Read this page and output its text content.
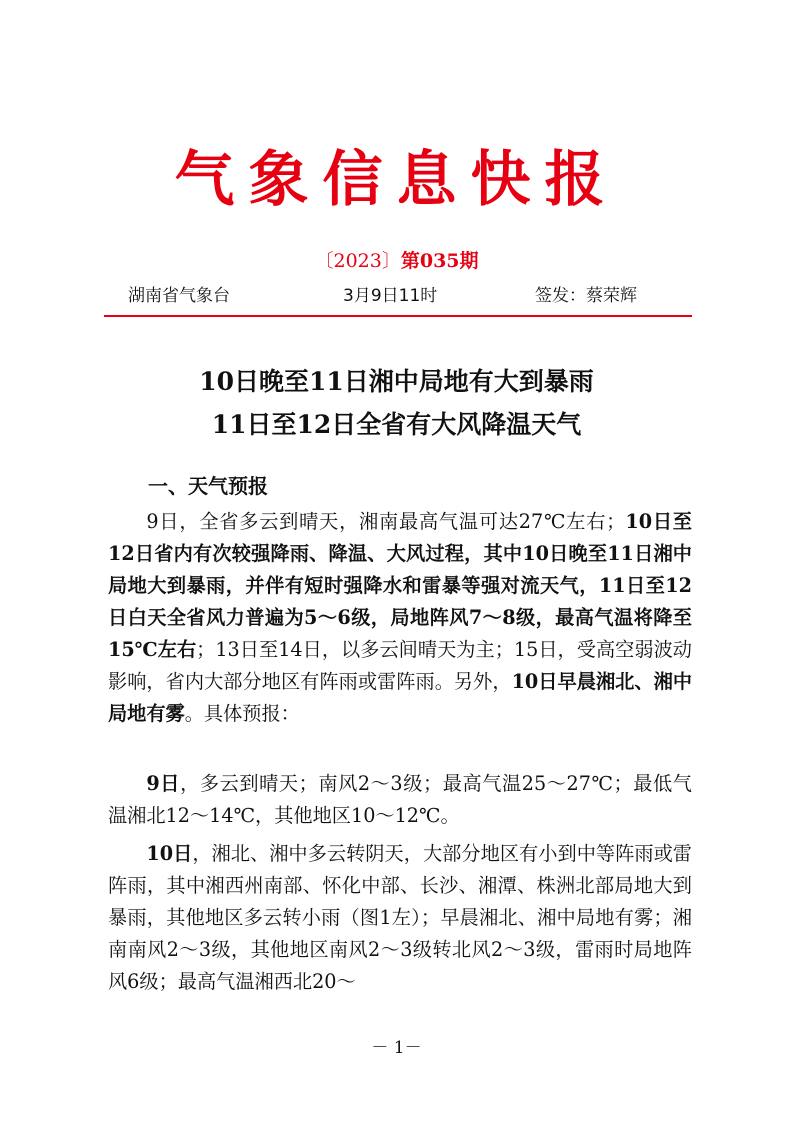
气象信息快报
〔2023〕第035期
湖南省气象台	3月9日11时	签发：蔡荣辉
10日晚至11日湘中局地有大到暴雨
11日至12日全省有大风降温天气
一、天气预报

9日，全省多云到晴天，湘南最高气温可达27℃左右；10日至12日省内有次较强降雨、降温、大风过程，其中10日晚至11日湘中局地大到暴雨，并伴有短时强降水和雷暴等强对流天气，11日至12日白天全省风力普遍为5～6级，局地阵风7～8级，最高气温将降至15℃左右；13日至14日，以多云间晴天为主；15日，受高空弱波动影响，省内大部分地区有阵雨或雷阵雨。另外，10日早晨湘北、湘中局地有雾。具体预报：

9日，多云到晴天；南风2～3级；最高气温25～27℃；最低气温湘北12～14℃，其他地区10～12℃。

10日，湘北、湘中多云转阴天，大部分地区有小到中等阵雨或雷阵雨，其中湘西州南部、怀化中部、长沙、湘潭、株洲北部局地大到暴雨，其他地区多云转小雨（图1左）；早晨湘北、湘中局地有雾；湘南南风2～3级，其他地区南风2～3级转北风2～3级，雷雨时局地阵风6级；最高气温湘西北20～

－ 1－
